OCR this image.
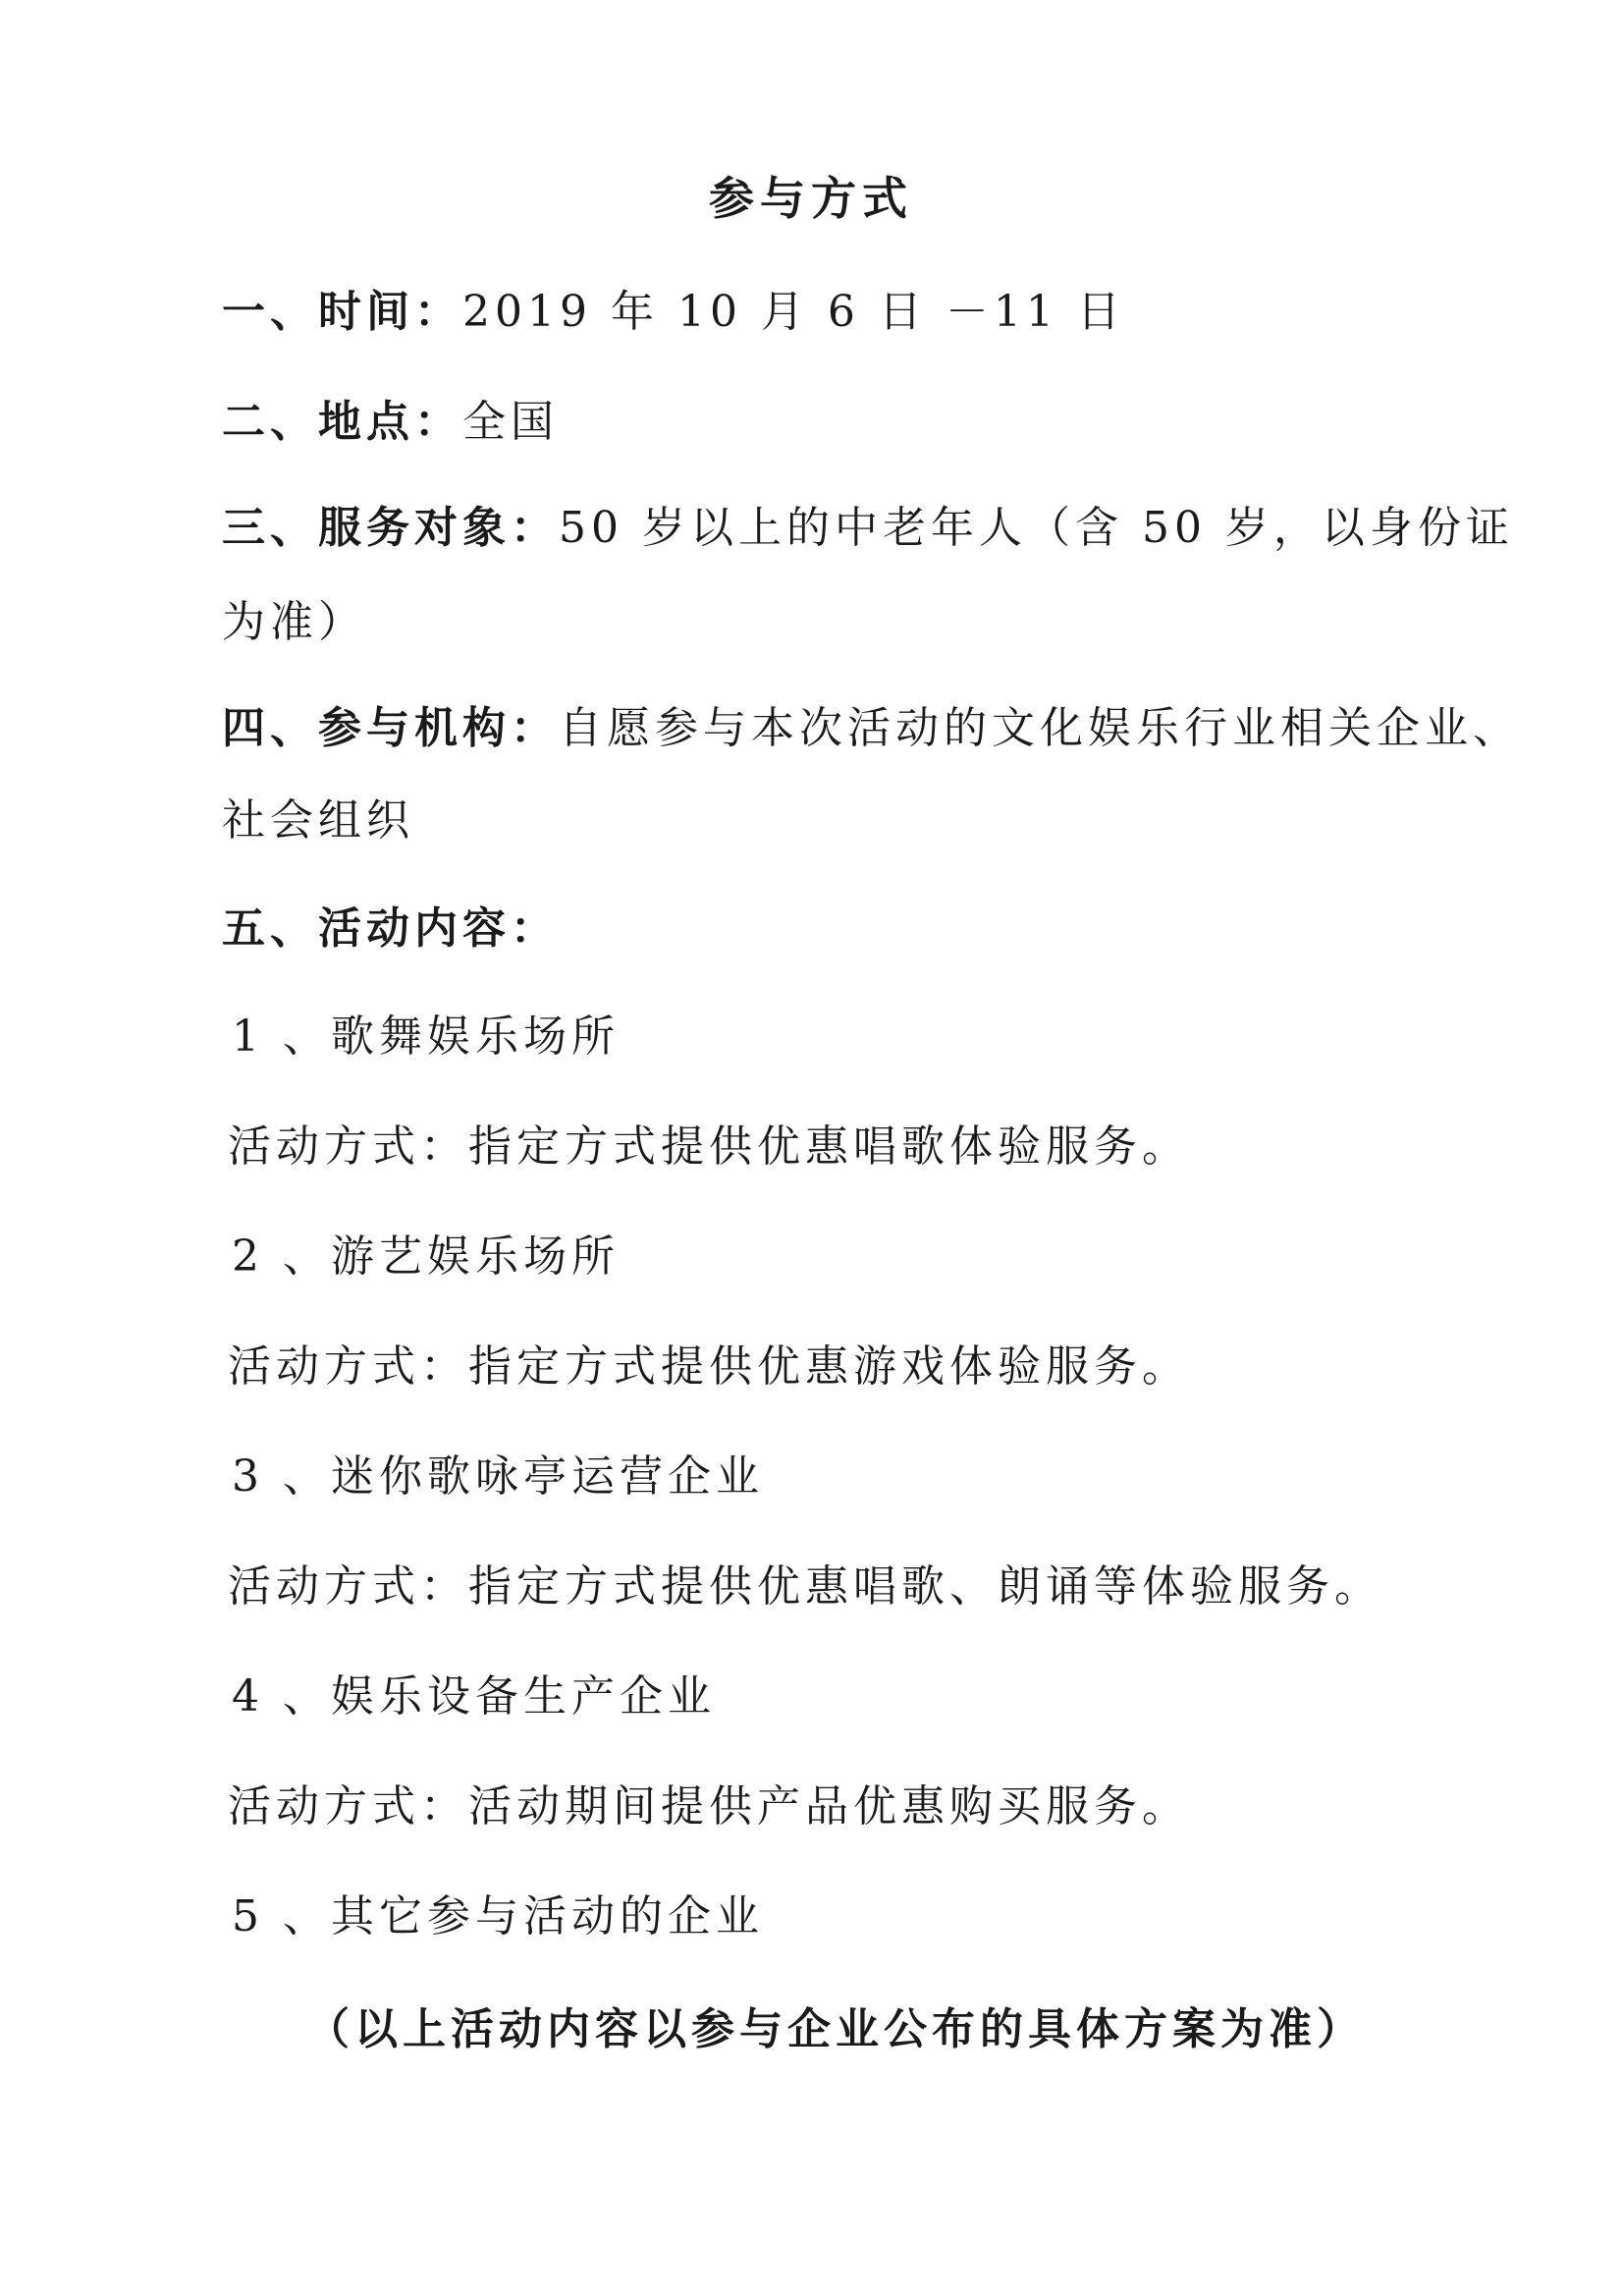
参与方式
一、时间：2019 年 10 月 6 日 －11 日
二、地点：全国
三、服务对象：50 岁以上的中老年人（含 50 岁，以身份证
为准）
四、参与机构：自愿参与本次活动的文化娱乐行业相关企业、
社会组织
五、活动内容：
1 、歌舞娱乐场所
活动方式：指定方式提供优惠唱歌体验服务。
2 、游艺娱乐场所
活动方式：指定方式提供优惠游戏体验服务。
3 、迷你歌咏亭运营企业
活动方式：指定方式提供优惠唱歌、朗诵等体验服务。
4 、娱乐设备生产企业
活动方式：活动期间提供产品优惠购买服务。
5 、其它参与活动的企业
（以上活动内容以参与企业公布的具体方案为准）
